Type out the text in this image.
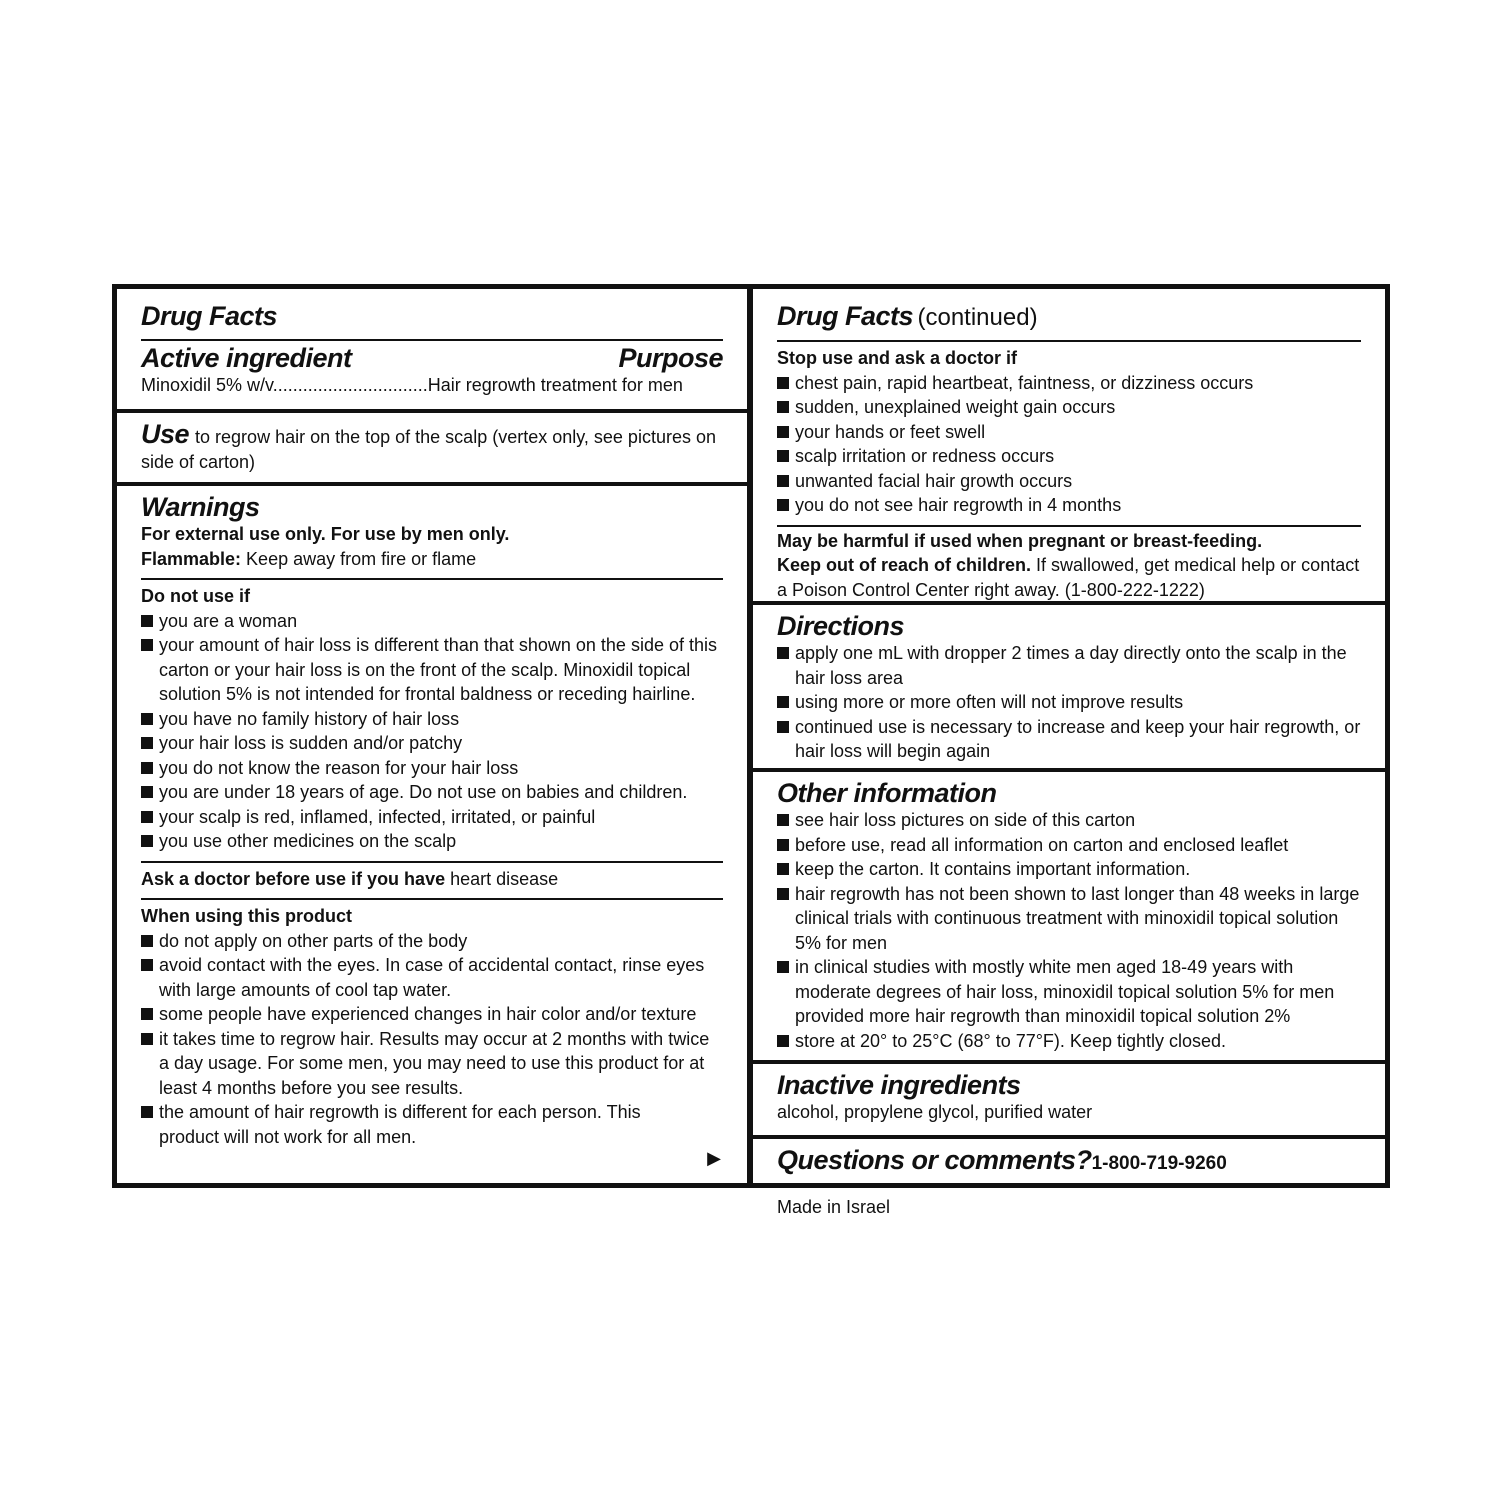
Drug Facts
Active ingredient	Purpose
Minoxidil 5% w/v...............................Hair regrowth treatment for men
Use to regrow hair on the top of the scalp (vertex only, see pictures on side of carton)
Warnings
For external use only. For use by men only.
Flammable: Keep away from fire or flame
Do not use if
you are a woman
your amount of hair loss is different than that shown on the side of this carton or your hair loss is on the front of the scalp. Minoxidil topical solution 5% is not intended for frontal baldness or receding hairline.
you have no family history of hair loss
your hair loss is sudden and/or patchy
you do not know the reason for your hair loss
you are under 18 years of age. Do not use on babies and children.
your scalp is red, inflamed, infected, irritated, or painful
you use other medicines on the scalp
Ask a doctor before use if you have heart disease
When using this product
do not apply on other parts of the body
avoid contact with the eyes. In case of accidental contact, rinse eyes with large amounts of cool tap water.
some people have experienced changes in hair color and/or texture
it takes time to regrow hair. Results may occur at 2 months with twice a day usage. For some men, you may need to use this product for at least 4 months before you see results.
the amount of hair regrowth is different for each person. This product will not work for all men.
▶
Drug Facts (continued)
Stop use and ask a doctor if
chest pain, rapid heartbeat, faintness, or dizziness occurs
sudden, unexplained weight gain occurs
your hands or feet swell
scalp irritation or redness occurs
unwanted facial hair growth occurs
you do not see hair regrowth in 4 months
May be harmful if used when pregnant or breast-feeding.
Keep out of reach of children. If swallowed, get medical help or contact a Poison Control Center right away. (1-800-222-1222)
Directions
apply one mL with dropper 2 times a day directly onto the scalp in the hair loss area
using more or more often will not improve results
continued use is necessary to increase and keep your hair regrowth, or hair loss will begin again
Other information
see hair loss pictures on side of this carton
before use, read all information on carton and enclosed leaflet
keep the carton. It contains important information.
hair regrowth has not been shown to last longer than 48 weeks in large clinical trials with continuous treatment with minoxidil topical solution 5% for men
in clinical studies with mostly white men aged 18-49 years with moderate degrees of hair loss, minoxidil topical solution 5% for men provided more hair regrowth than minoxidil topical solution 2%
store at 20° to 25°C (68° to 77°F). Keep tightly closed.
Inactive ingredients
alcohol, propylene glycol, purified water
Questions or comments?1-800-719-9260
Made in Israel
